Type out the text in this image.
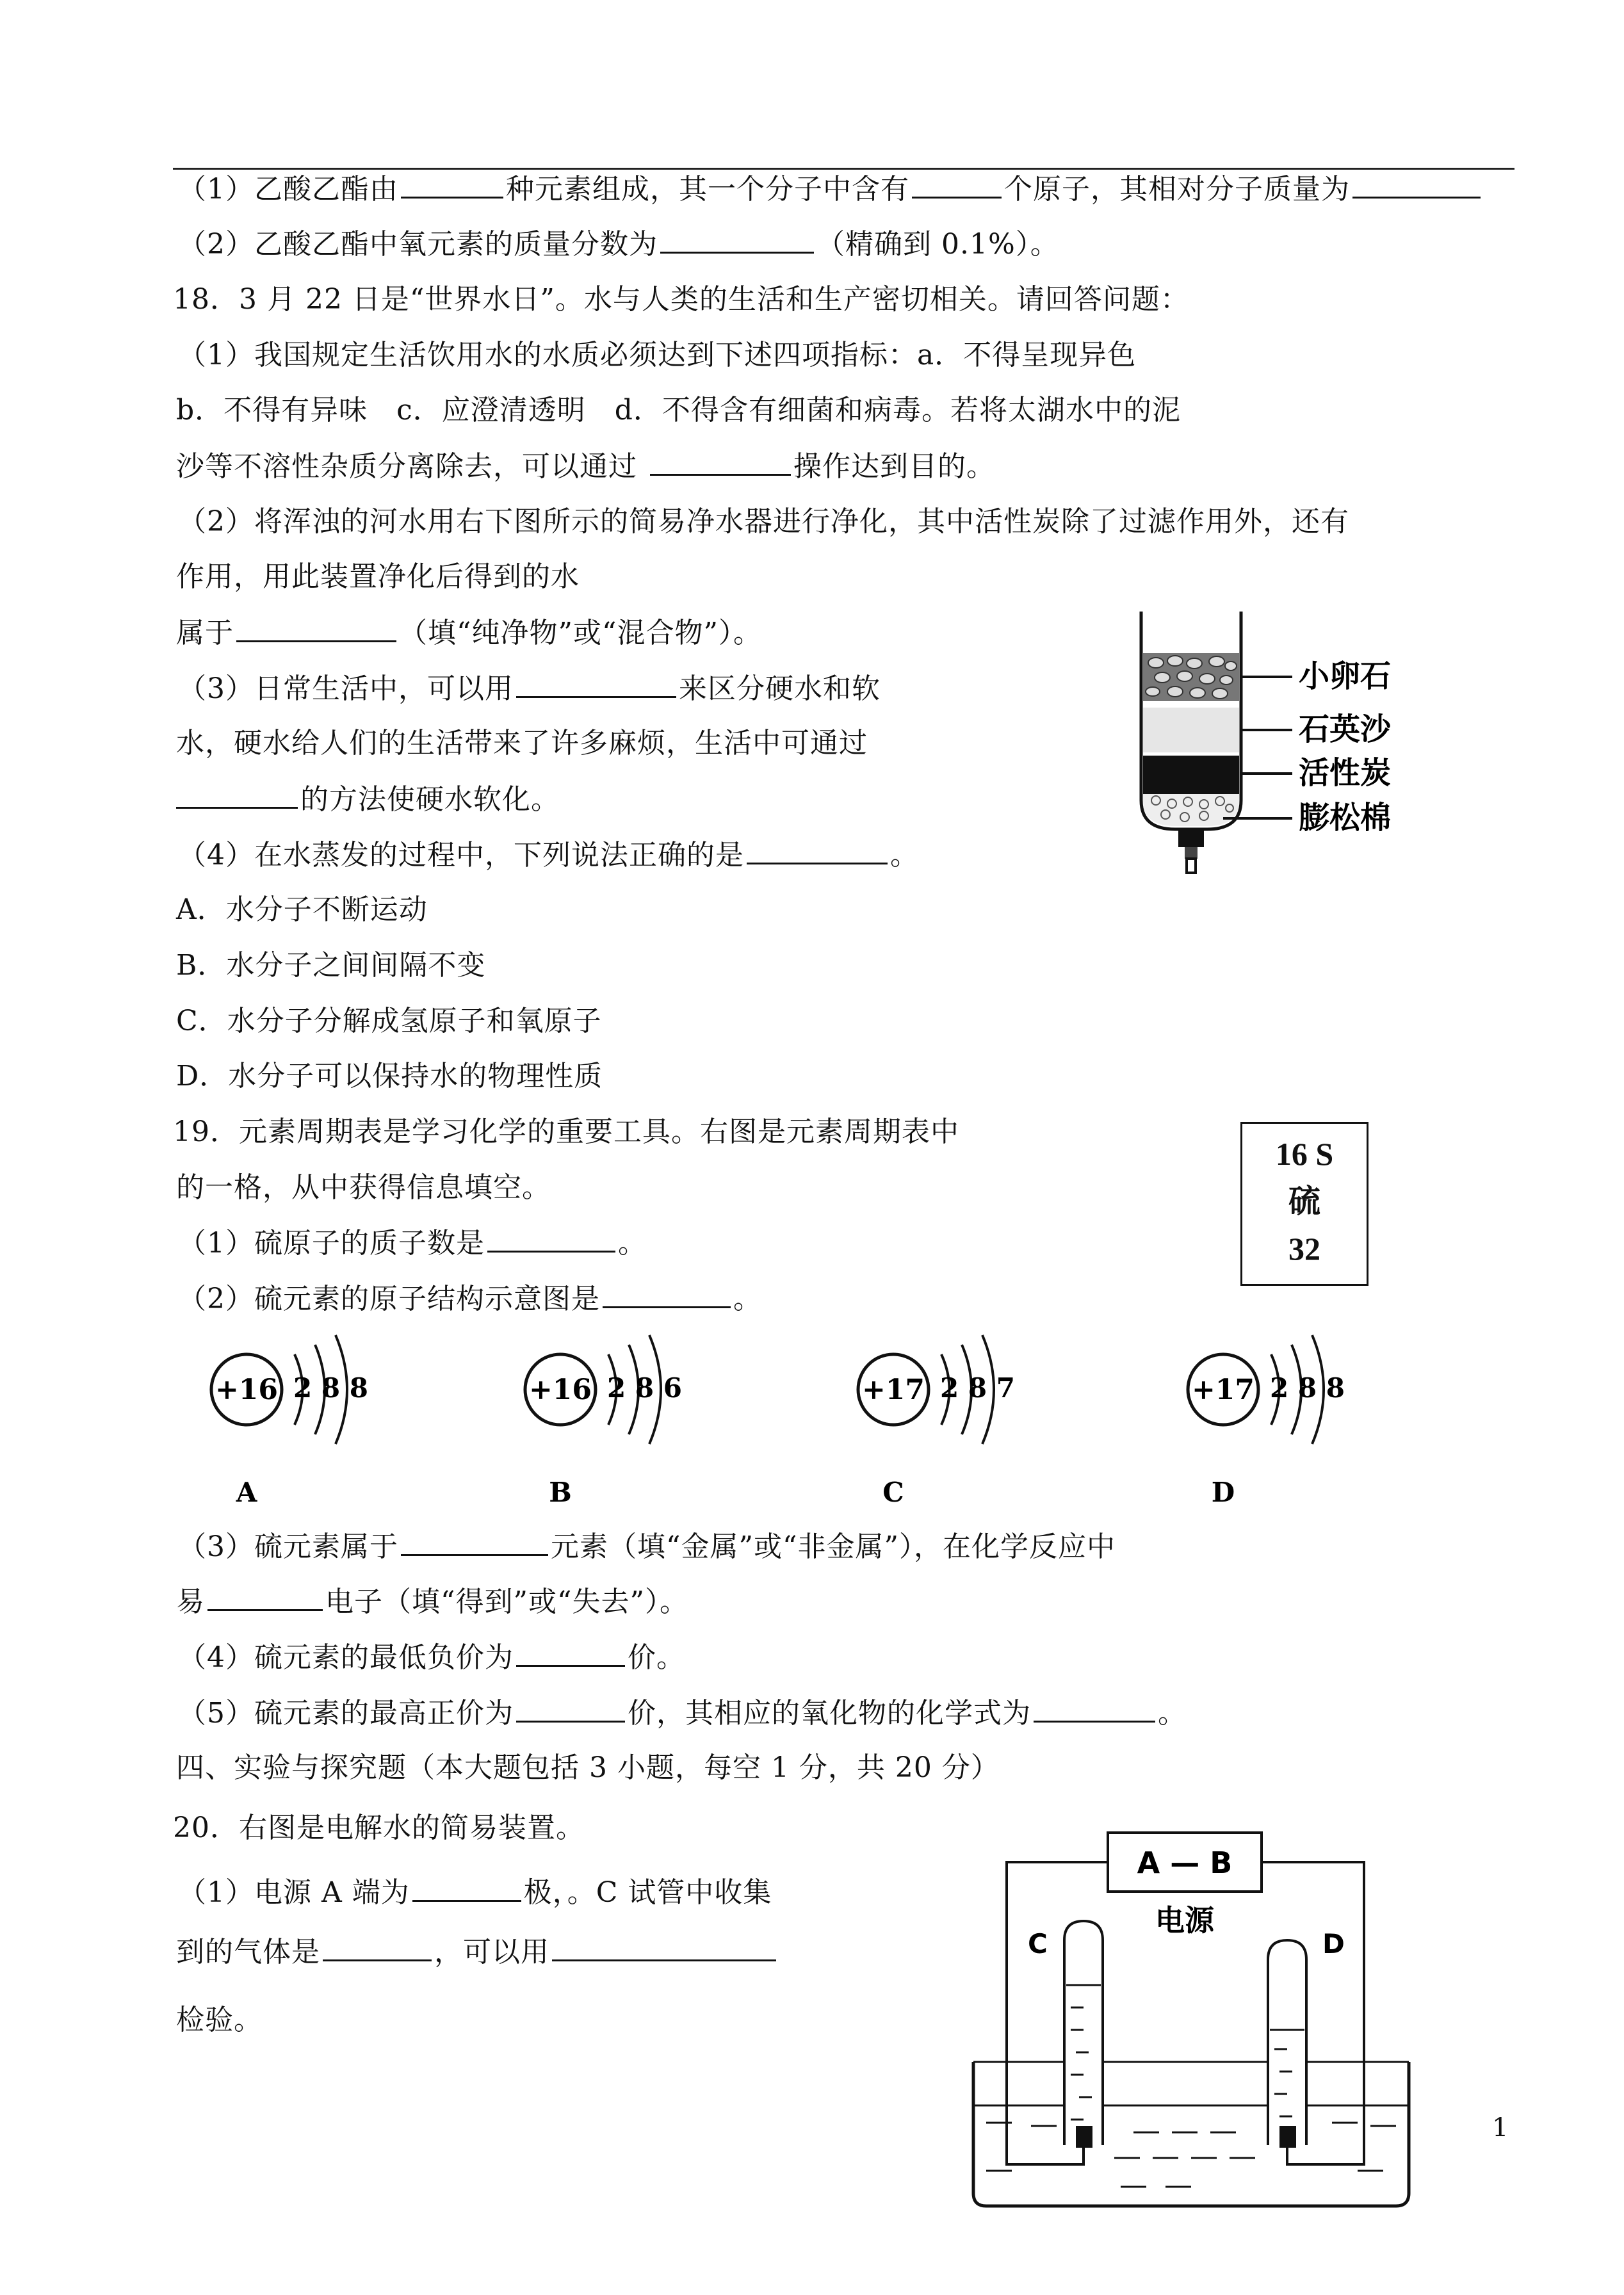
（1）乙酸乙酯由	种元素组成，其一个分子中含有	个原子，其相对分子质量为
（2）乙酸乙酯中氧元素的质量分数为	（精确到 0.1%）。
18．3 月 22 日是“世界水日”。水与人类的生活和生产密切相关。请回答问题：
（1）我国规定生活饮用水的水质必须达到下述四项指标：a．不得呈现异色
b．不得有异味　c．应澄清透明　d．不得含有细菌和病毒。若将太湖水中的泥
沙等不溶性杂质分离除去，可以通过	操作达到目的。
（2）将浑浊的河水用右下图所示的简易净水器进行净化，其中活性炭除了过滤作用外，还有
作用，用此装置净化后得到的水
属于	（填“纯净物”或“混合物”）。
（3）日常生活中，可以用	来区分硬水和软
水，硬水给人们的生活带来了许多麻烦，生活中可通过
的方法使硬水软化。
（4）在水蒸发的过程中，下列说法正确的是	。
A．水分子不断运动
B．水分子之间间隔不变
C．水分子分解成氢原子和氧原子
D．水分子可以保持水的物理性质
小卵石
石英沙
活性炭
膨松棉
19．元素周期表是学习化学的重要工具。右图是元素周期表中
的一格，从中获得信息填空。
（1）硫原子的质子数是	。
（2）硫元素的原子结构示意图是	。
16 S
硫
32
+16 2 8 8
A
+16 2 8 6
B
+17 2 8 7
C
+17 2 8 8
D
（3）硫元素属于	元素（填“金属”或“非金属”），在化学反应中
易	电子（填“得到”或“失去”）。
（4）硫元素的最低负价为	价。
（5）硫元素的最高正价为	价，其相应的氧化物的化学式为	。
四、实验与探究题（本大题包括 3 小题，每空 1 分，共 20 分）
20．右图是电解水的简易装置。
（1）电源 A 端为	极，。C 试管中收集
到的气体是	，可以用
检验。
A — B
电源
C	D
1
